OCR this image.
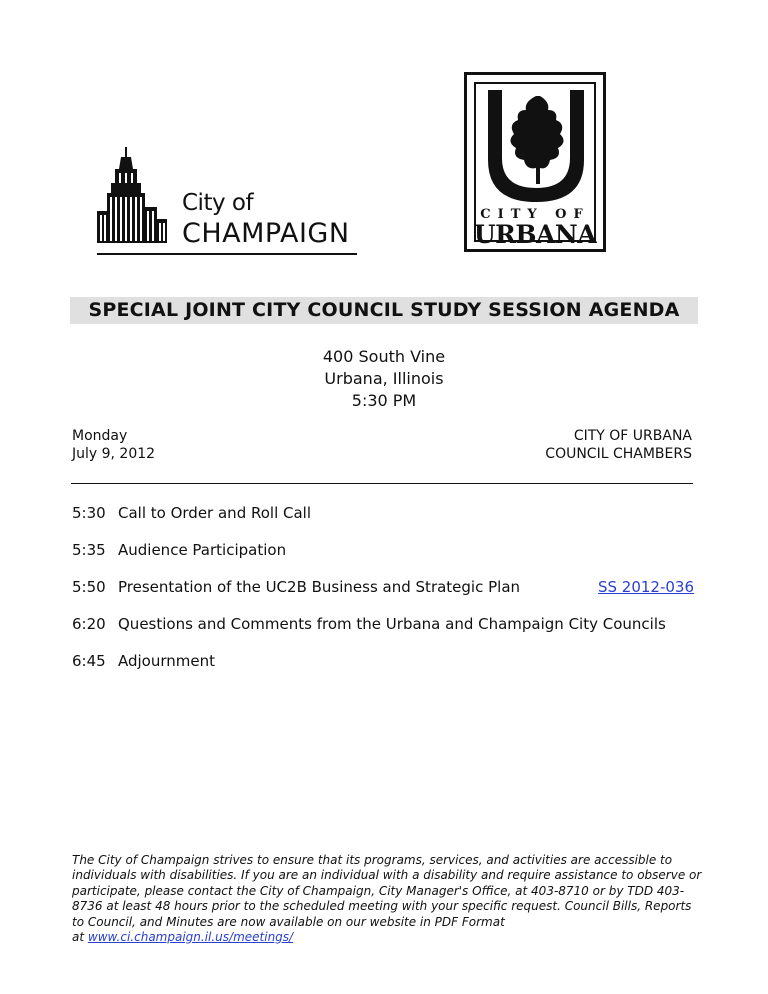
City of
CHAMPAIGN
CITY OF
URBANA
SPECIAL JOINT CITY COUNCIL STUDY SESSION AGENDA
400 South Vine
Urbana, Illinois
5:30 PM
Monday
July 9, 2012
CITY OF URBANA
COUNCIL CHAMBERS
5:30 Call to Order and Roll Call
5:35 Audience Participation
5:50 Presentation of the UC2B Business and Strategic Plan	SS 2012-036
6:20 Questions and Comments from the Urbana and Champaign City Councils
6:45 Adjournment
The City of Champaign strives to ensure that its programs, services, and activities are accessible to individuals with disabilities. If you are an individual with a disability and require assistance to observe or participate, please contact the City of Champaign, City Manager's Office, at 403-8710 or by TDD 403-8736 at least 48 hours prior to the scheduled meeting with your specific request. Council Bills, Reports to Council, and Minutes are now available on our website in PDF Format
at www.ci.champaign.il.us/meetings/
